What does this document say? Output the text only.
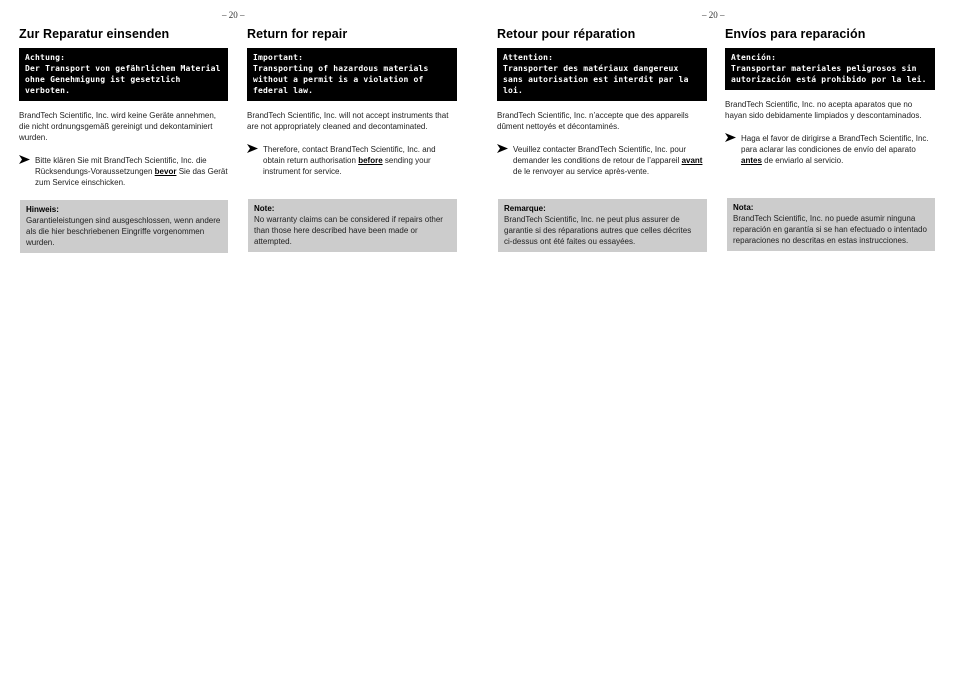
– 20 –	– 20 –
Zur Reparatur einsenden
Achtung:
Der Transport von gefährlichem Material ohne Genehmigung ist gesetzlich verboten.
BrandTech Scientific, Inc. wird keine Geräte annehmen, die nicht ordnungsgemäß gereinigt und dekontaminiert wurden.
Bitte klären Sie mit BrandTech Scientific, Inc. die Rücksendungs-Voraussetzungen bevor Sie das Gerät zum Service einschicken.
Hinweis:
Garantieleistungen sind ausgeschlossen, wenn andere als die hier beschriebenen Eingriffe vorgenommen wurden.
Return for repair
Important:
Transporting of hazardous materials without a permit is a violation of federal law.
BrandTech Scientific, Inc. will not accept instruments that are not appropriately cleaned and decontaminated.
Therefore, contact BrandTech Scientific, Inc. and obtain return authorisation before sending your instrument for service.
Note:
No warranty claims can be considered if repairs other than those here described have been made or attempted.
Retour pour réparation
Attention:
Transporter des matériaux dangereux sans autorisation est interdit par la loi.
BrandTech Scientific, Inc. n’accepte que des appareils dûment nettoyés et décontaminés.
Veuillez contacter BrandTech Scientific, Inc. pour demander les conditions de retour de l’appareil avant de le renvoyer au service après-vente.
Remarque:
BrandTech Scientific, Inc. ne peut plus assurer de garantie si des réparations autres que celles décrites ci-dessus ont été faites ou essayées.
Envíos para reparación
Atención:
Transportar materiales peligrosos sin autorización está prohibido por la lei.
BrandTech Scientific, Inc. no acepta aparatos que no hayan sido debidamente limpiados y descontaminados.
Haga el favor de dirigirse a BrandTech Scientific, Inc. para aclarar las condiciones de envío del aparato antes de enviarlo al servicio.
Nota:
BrandTech Scientific, Inc. no puede asumir ninguna reparación en garantía si se han efectuado o intentado reparaciones no descritas en estas instrucciones.
